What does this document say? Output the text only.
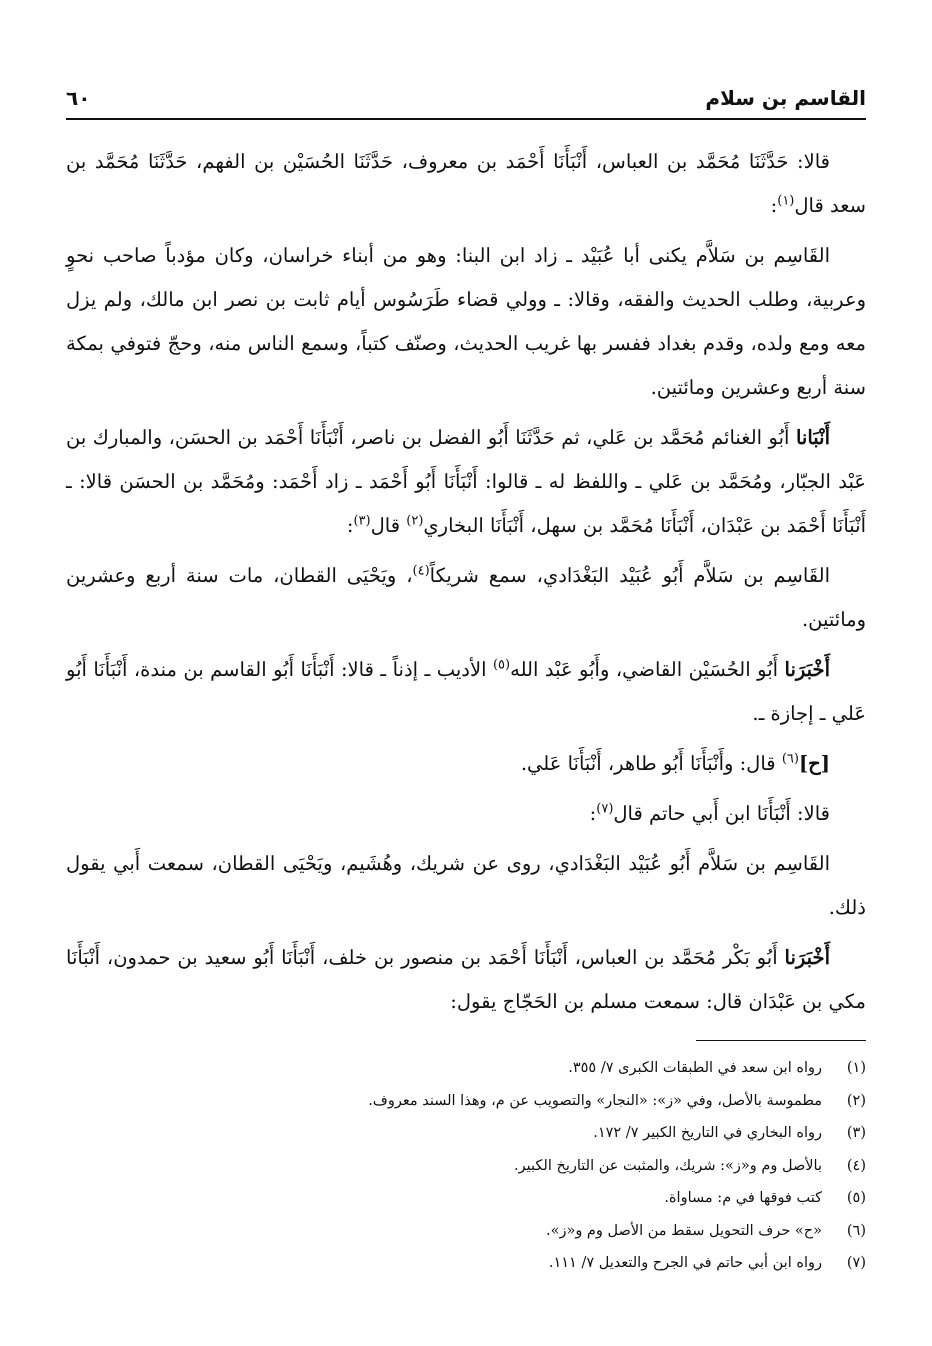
القاسم بن سلام
٦٠

قالا: حَدَّثَنَا مُحَمَّد بن العباس، أَنْبَأَنَا أَحْمَد بن معروف، حَدَّثَنَا الحُسَيْن بن الفهم، حَدَّثَنَا مُحَمَّد بن سعد قال$^{(١)}$:

القَاسِم بن سَلاَّم يكنى أبا عُبَيْد ـ زاد ابن البنا: وهو من أبناء خراسان، وكان مؤدباً صاحب نحوٍ وعربية، وطلب الحديث والفقه، وقالا: ـ وولي قضاء طَرَسُوس أيام ثابت بن نصر ابن مالك، ولم يزل معه ومع ولده، وقدم بغداد ففسر بها غريب الحديث، وصنّف كتباً، وسمع الناس منه، وحجّ فتوفي بمكة سنة أربع وعشرين ومائتين.

أَنْبَانا أَبُو الغنائم مُحَمَّد بن عَلي، ثم حَدَّثَنَا أَبُو الفضل بن ناصر، أَنْبَأَنَا أَحْمَد بن الحسَن، والمبارك بن عَبْد الجبّار، ومُحَمَّد بن عَلي ـ واللفظ له ـ قالوا: أَنْبَأَنَا أَبُو أَحْمَد ـ زاد أَحْمَد: ومُحَمَّد بن الحسَن قالا: ـ أَنْبَأَنَا أَحْمَد بن عَبْدَان، أَنْبَأَنَا مُحَمَّد بن سهل، أَنْبَأَنَا البخاري$^{(٢)}$ قال$^{(٣)}$:

القَاسِم بن سَلاَّم أَبُو عُبَيْد البَغْدَادي، سمع شريكاً$^{(٤)}$، ويَحْيَى القطان، مات سنة أربع وعشرين ومائتين.

أَخْبَرَنا أَبُو الحُسَيْن القاضي، وأَبُو عَبْد الله$^{(٥)}$ الأديب ـ إذناً ـ قالا: أَنْبَأَنَا أَبُو القاسم بن مندة، أَنْبَأَنَا أَبُو عَلي ـ إجازة ـ.

[ح]$^{(٦)}$ قال: وأَنْبَأَنَا أَبُو طاهر، أَنْبَأَنَا عَلي.

قالا: أَنْبَأَنَا ابن أَبي حاتم قال$^{(٧)}$:

القَاسِم بن سَلاَّم أَبُو عُبَيْد البَغْدَادي، روى عن شريك، وهُشَيم، ويَحْيَى القطان، سمعت أَبي يقول ذلك.

أَخْبَرَنا أَبُو بَكْر مُحَمَّد بن العباس، أَنْبَأَنَا أَحْمَد بن منصور بن خلف، أَنْبَأَنَا أَبُو سعيد بن حمدون، أَنْبَأَنَا مكي بن عَبْدَان قال: سمعت مسلم بن الحَجّاج يقول:

(١)
رواه ابن سعد في الطبقات الكبرى ٧/ ٣٥٥.
(٢)
مطموسة بالأصل، وفي «ز»: «النجار» والتصويب عن م، وهذا السند معروف.
(٣)
رواه البخاري في التاريخ الكبير ٧/ ١٧٢.
(٤)
بالأصل وم و«ز»: شريك، والمثبت عن التاريخ الكبير.
(٥)
كتب فوقها في م: مساواة.
(٦)
«ح» حرف التحويل سقط من الأصل وم و«ز».
(٧)
رواه ابن أبي حاتم في الجرح والتعديل ٧/ ١١١.
